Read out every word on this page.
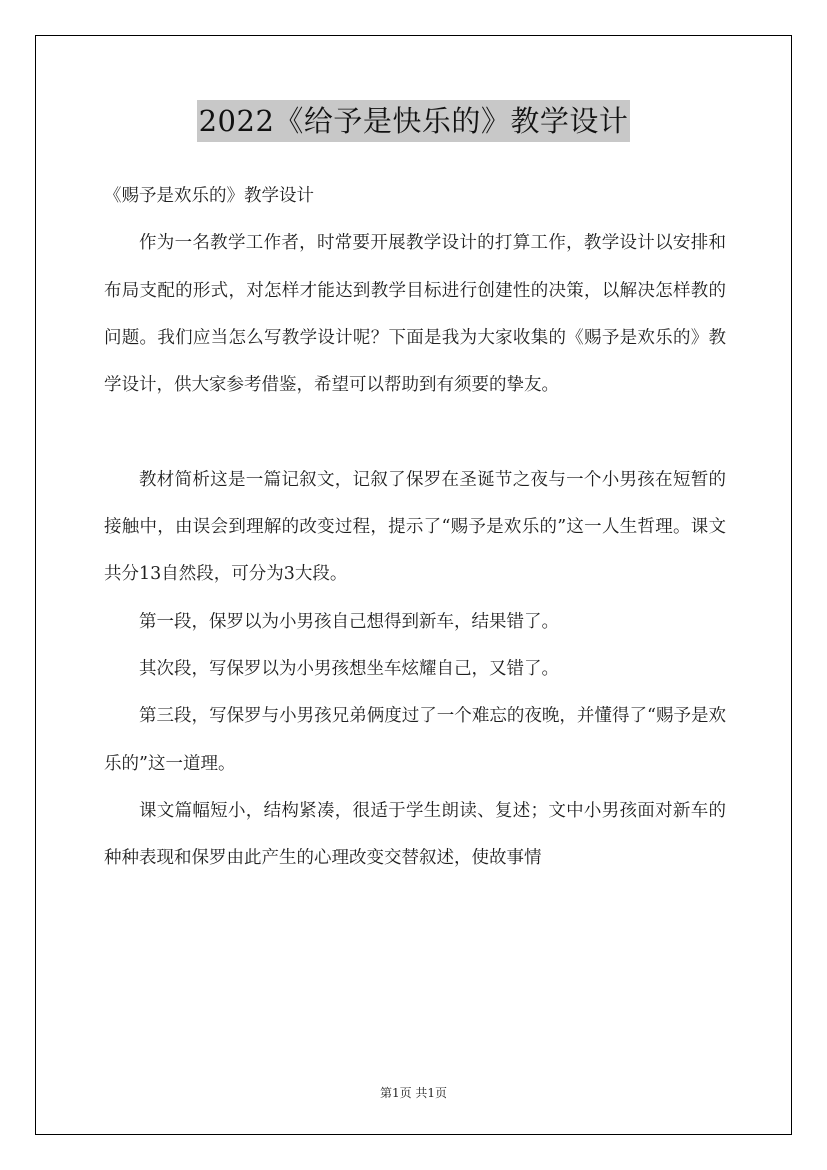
2022《给予是快乐的》教学设计

《赐予是欢乐的》教学设计

作为一名教学工作者，时常要开展教学设计的打算工作，教学设计以安排和布局支配的形式，对怎样才能达到教学目标进行创建性的决策，以解决怎样教的问题。我们应当怎么写教学设计呢？下面是我为大家收集的《赐予是欢乐的》教学设计，供大家参考借鉴，希望可以帮助到有须要的挚友。

教材简析这是一篇记叙文，记叙了保罗在圣诞节之夜与一个小男孩在短暂的接触中，由误会到理解的改变过程，提示了“赐予是欢乐的”这一人生哲理。课文共分13自然段，可分为3大段。

第一段，保罗以为小男孩自己想得到新车，结果错了。

其次段，写保罗以为小男孩想坐车炫耀自己，又错了。

第三段，写保罗与小男孩兄弟俩度过了一个难忘的夜晚，并懂得了“赐予是欢乐的”这一道理。

课文篇幅短小，结构紧凑，很适于学生朗读、复述；文中小男孩面对新车的种种表现和保罗由此产生的心理改变交替叙述，使故事情

第1页 共1页
